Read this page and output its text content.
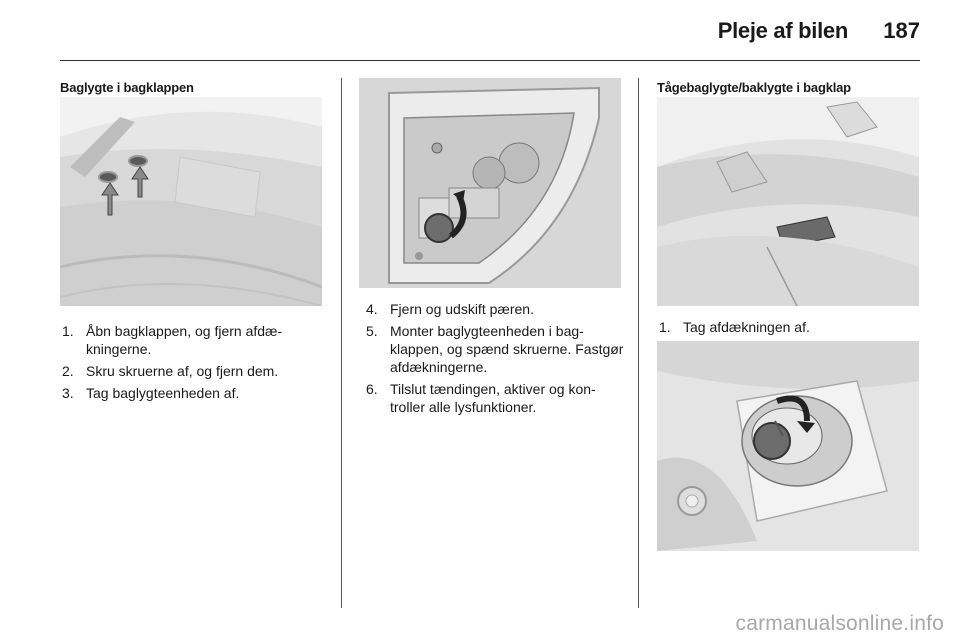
Pleje af bilen 187
Baglygte i bagklappen
1. Åbn bagklappen, og fjern afdæ-kningerne.
2. Skru skruerne af, og fjern dem.
3. Tag baglygteenheden af.
4. Fjern og udskift pæren.
5. Monter baglygteenheden i bag-klappen, og spænd skruerne. Fastgør afdækningerne.
6. Tilslut tændingen, aktiver og kon-troller alle lysfunktioner.
Tågebaglygte/baklygte i bagklap
1. Tag afdækningen af.
carmanualsonline.info
